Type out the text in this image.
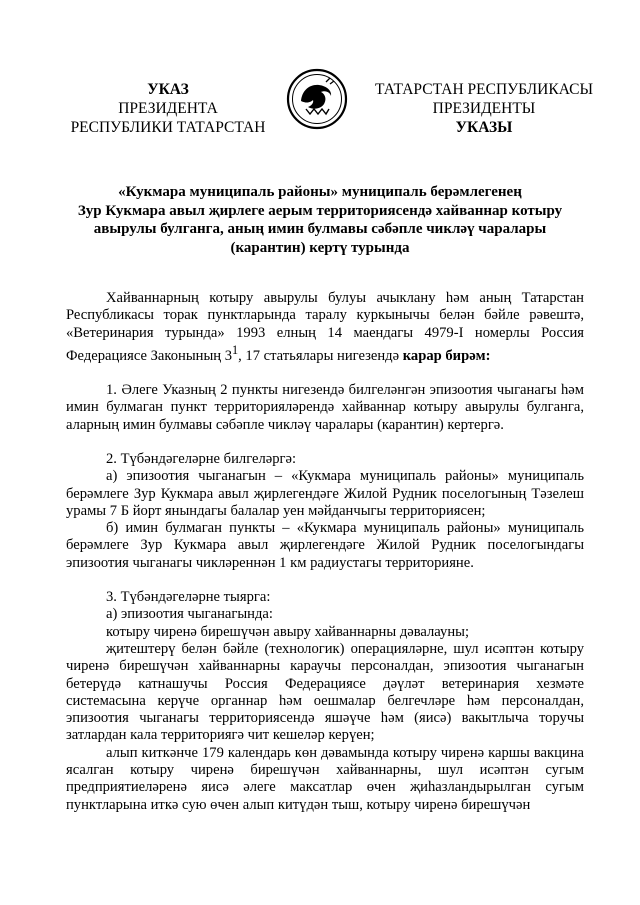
УКАЗ
ПРЕЗИДЕНТА
РЕСПУБЛИКИ ТАТАРСТАН
ТАТАРСТАН РЕСПУБЛИКАСЫ
ПРЕЗИДЕНТЫ
УКАЗЫ
«Кукмара муниципаль районы» муниципаль берәмлегенең
Зур Кукмара авыл җирлеге аерым территориясендә хайваннар котыру
авырулы булганга, аның имин булмавы сәбәпле чикләү чаралары
(карантин) кертү турында

Хайваннарның котыру авырулы булуы ачыклану һәм аның Татарстан Республикасы торак пунктларында таралу куркынычы белән бәйле рәвештә, «Ветеринария турында» 1993 елның 14 маендагы 4979-I номерлы Россия Федерациясе Законының $3^1$, 17 статьялары нигезендә карар бирәм:

1. Әлеге Указның 2 пункты нигезендә билгеләнгән эпизоотия чыганагы һәм имин булмаган пункт территорияләрендә хайваннар котыру авырулы булганга, аларның имин булмавы сәбәпле чикләү чаралары (карантин) кертергә.

2. Түбәндәгеләрне билгеләргә:

а) эпизоотия чыганагын – «Кукмара муниципаль районы» муниципаль берәмлеге Зур Кукмара авыл җирлегендәге Жилой Рудник поселогының Тәзелеш урамы 7 Б йорт янындагы балалар уен мәйданчыгы территориясен;

б) имин булмаган пункты – «Кукмара муниципаль районы» муниципаль берәмлеге Зур Кукмара авыл җирлегендәге Жилой Рудник поселогындагы эпизоотия чыганагы чикләреннән 1 км радиустагы территорияне.

3. Түбәндәгеләрне тыярга:

а) эпизоотия чыганагында:

котыру чиренә бирешүчән авыру хайваннарны дәвалауны;

җитештерү белән бәйле (технологик) операцияләрне, шул исәптән котыру чиренә бирешүчән хайваннарны караучы персоналдан, эпизоотия чыганагын бетерүдә катнашучы Россия Федерациясе дәүләт ветеринария хезмәте системасына керүче органнар һәм оешмалар белгечләре һәм персоналдан, эпизоотия чыганагы территориясендә яшәүче һәм (яисә) вакытлыча торучы затлардан кала территориягә чит кешеләр керүен;

алып киткәнче 179 календарь көн дәвамында котыру чиренә каршы вакцина ясалган котыру чиренә бирешүчән хайваннарны, шул исәптән сугым предприятиеләренә яисә әлеге максатлар өчен җиһазландырылган сугым пунктларына иткә сую өчен алып китүдән тыш, котыру чиренә бирешүчән
